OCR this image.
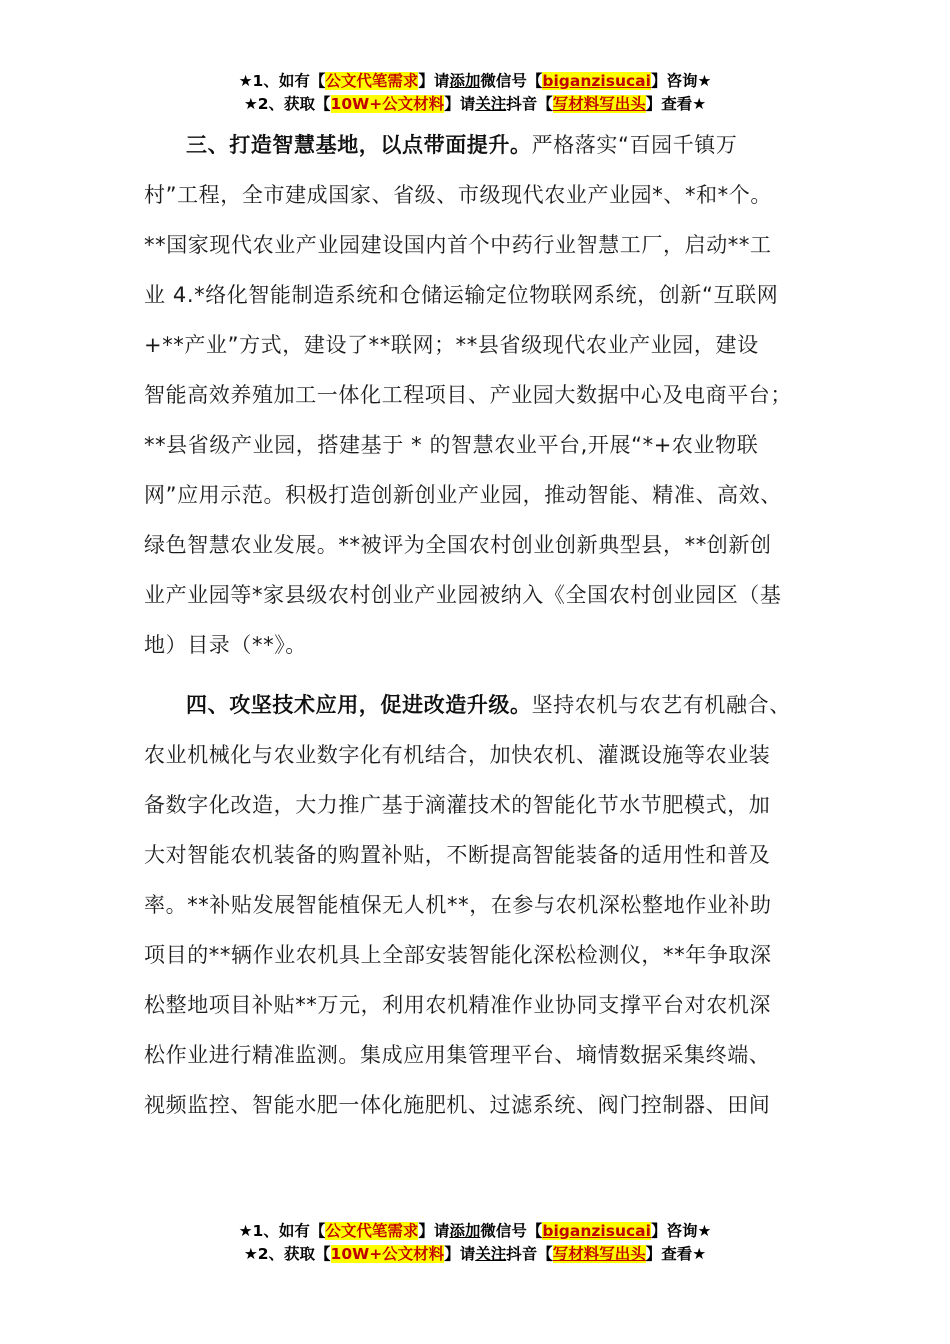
★1、如有【公文代笔需求】请添加微信号【biganzisucai】咨询★
★2、获取【10W+公文材料】请关注抖音【写材料写出头】查看★
三、打造智慧基地，以点带面提升。严格落实“百园千镇万
村”工程，全市建成国家、省级、市级现代农业产业园*、*和*个。
**国家现代农业产业园建设国内首个中药行业智慧工厂，启动**工
业 4.*络化智能制造系统和仓储运输定位物联网系统，创新“互联网
+**产业”方式，建设了**联网；**县省级现代农业产业园，建设
智能高效养殖加工一体化工程项目、产业园大数据中心及电商平台；
**县省级产业园，搭建基于 * 的智慧农业平台,开展“*+农业物联
网”应用示范。积极打造创新创业产业园，推动智能、精准、高效、
绿色智慧农业发展。**被评为全国农村创业创新典型县，**创新创
业产业园等*家县级农村创业产业园被纳入《全国农村创业园区（基
地）目录（**》。
四、攻坚技术应用，促进改造升级。坚持农机与农艺有机融合、
农业机械化与农业数字化有机结合，加快农机、灌溉设施等农业装
备数字化改造，大力推广基于滴灌技术的智能化节水节肥模式，加
大对智能农机装备的购置补贴，不断提高智能装备的适用性和普及
率。**补贴发展智能植保无人机**，在参与农机深松整地作业补助
项目的**辆作业农机具上全部安装智能化深松检测仪，**年争取深
松整地项目补贴**万元，利用农机精准作业协同支撑平台对农机深
松作业进行精准监测。集成应用集管理平台、墒情数据采集终端、
视频监控、智能水肥一体化施肥机、过滤系统、阀门控制器、田间
★1、如有【公文代笔需求】请添加微信号【biganzisucai】咨询★
★2、获取【10W+公文材料】请关注抖音【写材料写出头】查看★
